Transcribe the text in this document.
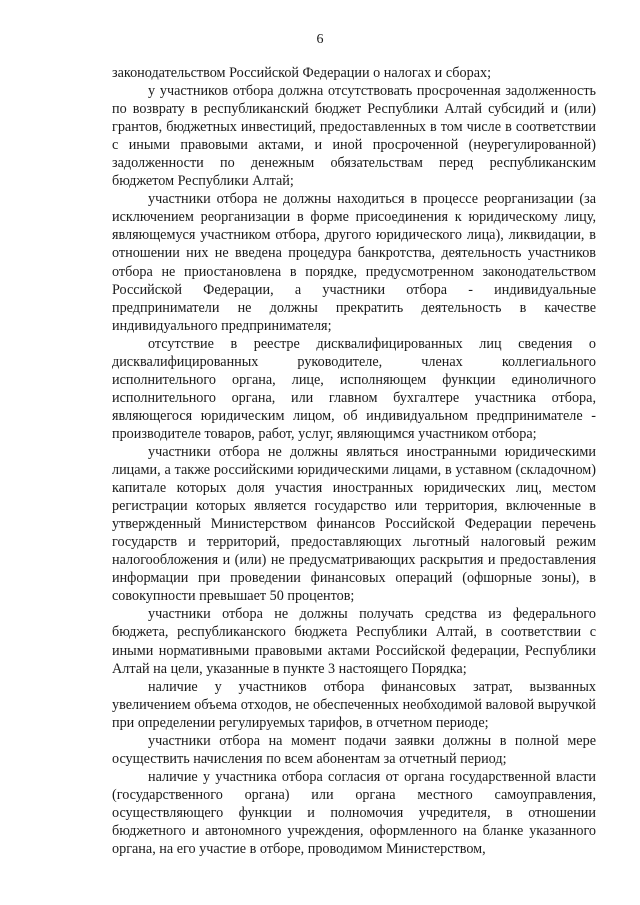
6

законодательством Российской Федерации о налогах и сборах;

у участников отбора должна отсутствовать просроченная задолженность по возврату в республиканский бюджет Республики Алтай субсидий и (или) грантов, бюджетных инвестиций, предоставленных в том числе в соответствии с иными правовыми актами, и иной просроченной (неурегулированной) задолженности по денежным обязательствам перед республиканским бюджетом Республики Алтай;

участники отбора не должны находиться в процессе реорганизации (за исключением реорганизации в форме присоединения к юридическому лицу, являющемуся участником отбора, другого юридического лица), ликвидации, в отношении них не введена процедура банкротства, деятельность участников отбора не приостановлена в порядке, предусмотренном законодательством Российской Федерации, а участники отбора - индивидуальные предприниматели не должны прекратить деятельность в качестве индивидуального предпринимателя;

отсутствие в реестре дисквалифицированных лиц сведения о дисквалифицированных руководителе, членах коллегиального исполнительного органа, лице, исполняющем функции единоличного исполнительного органа, или главном бухгалтере участника отбора, являющегося юридическим лицом, об индивидуальном предпринимателе - производителе товаров, работ, услуг, являющимся участником отбора;

участники отбора не должны являться иностранными юридическими лицами, а также российскими юридическими лицами, в уставном (складочном) капитале которых доля участия иностранных юридических лиц, местом регистрации которых является государство или территория, включенные в утвержденный Министерством финансов Российской Федерации перечень государств и территорий, предоставляющих льготный налоговый режим налогообложения и (или) не предусматривающих раскрытия и предоставления информации при проведении финансовых операций (офшорные зоны), в совокупности превышает 50 процентов;

участники отбора не должны получать средства из федерального бюджета, республиканского бюджета Республики Алтай, в соответствии с иными нормативными правовыми актами Российской федерации, Республики Алтай на цели, указанные в пункте 3 настоящего Порядка;

наличие у участников отбора финансовых затрат, вызванных увеличением объема отходов, не обеспеченных необходимой валовой выручкой при определении регулируемых тарифов, в отчетном периоде;

участники отбора на момент подачи заявки должны в полной мере осуществить начисления по всем абонентам за отчетный период;

наличие у участника отбора согласия от органа государственной власти (государственного органа) или органа местного самоуправления, осуществляющего функции и полномочия учредителя, в отношении бюджетного и автономного учреждения, оформленного на бланке указанного органа, на его участие в отборе, проводимом Министерством,
